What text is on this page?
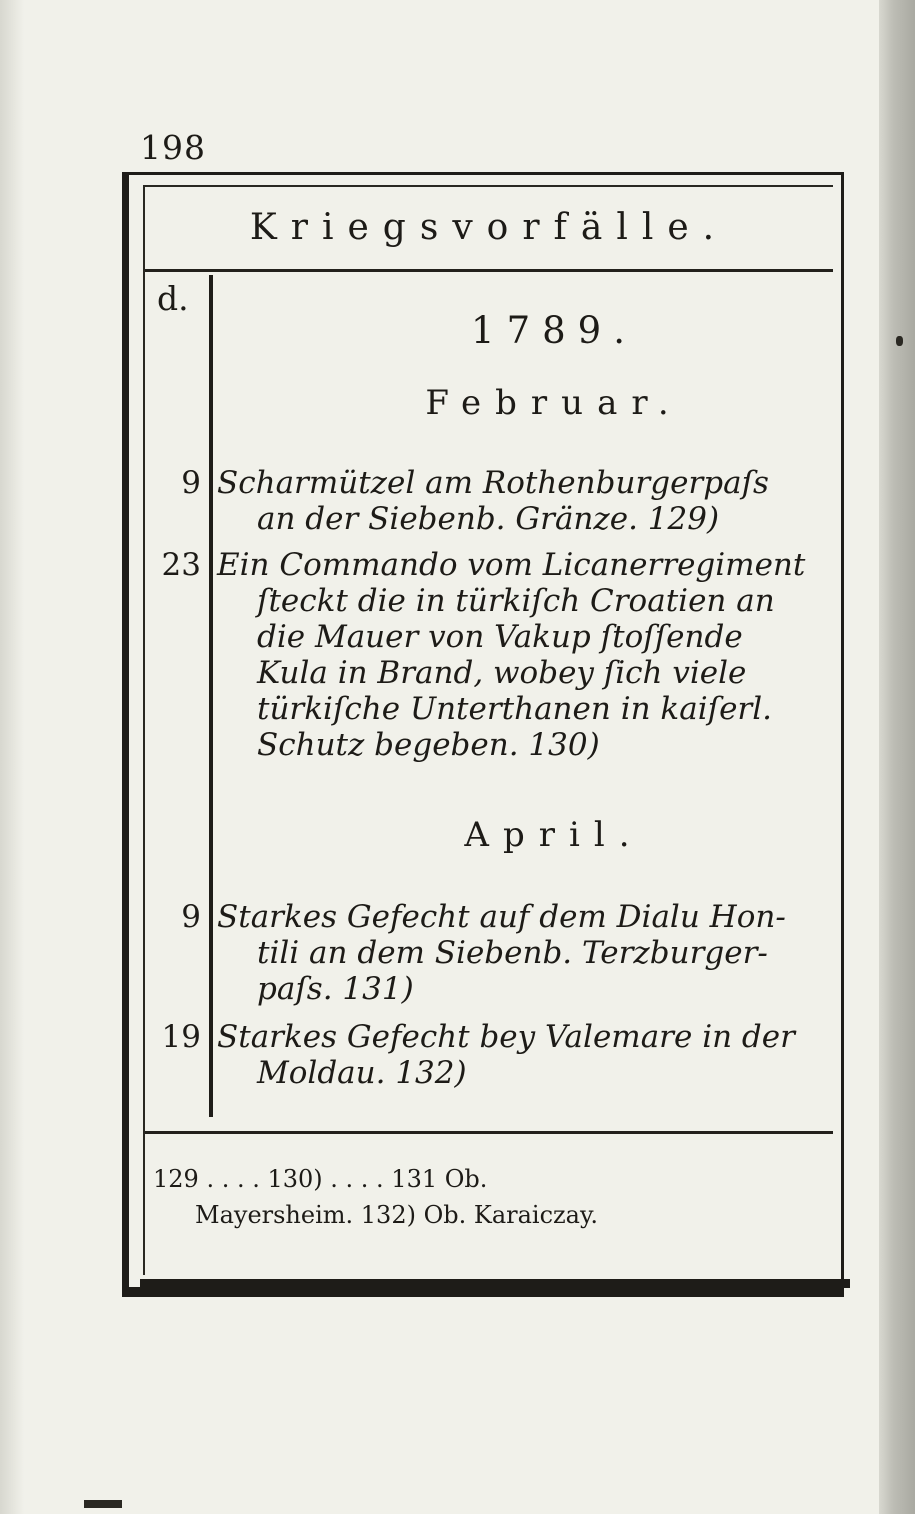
198
Kriegsvorfälle.
d.
1789.
Februar.
9 Scharmützel am Rothenburgerpaſs
an der Siebenb. Gränze. 129)
23 Ein Commando vom Licanerregiment
ſteckt die in türkiſch Croatien an
die Mauer von Vakup ſtoſſende
Kula in Brand, wobey ſich viele
türkiſche Unterthanen in kaiſerl.
Schutz begeben. 130)
April.
9 Starkes Gefecht auf dem Dialu Hon-
tili an dem Siebenb. Terzburger-
paſs. 131)
19 Starkes Gefecht bey Valemare in der
Moldau. 132)
129 . . . . 130) . . . . 131 Ob.
Mayersheim. 132) Ob. Karaiczay.
